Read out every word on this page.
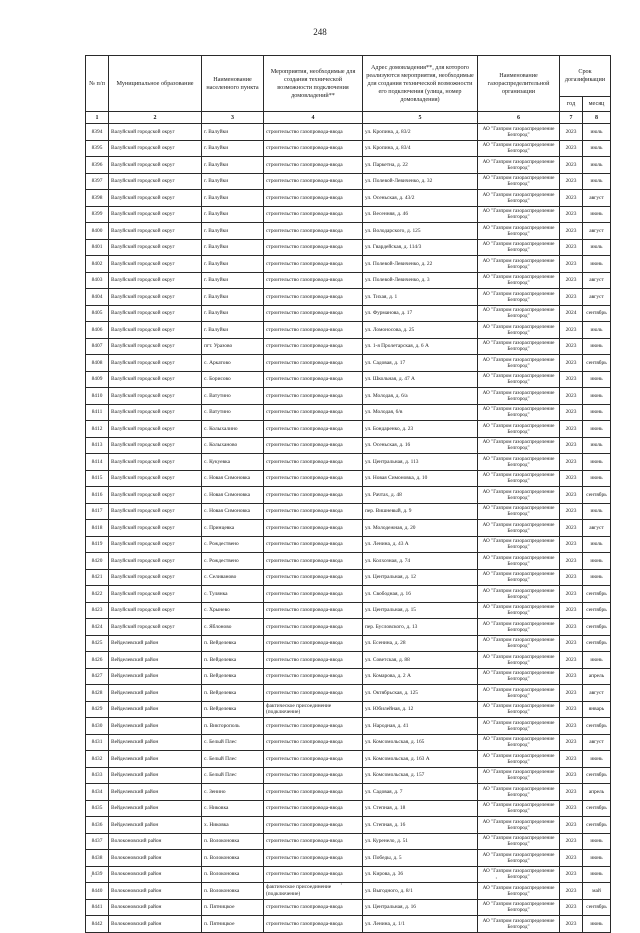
248
№ п/п	Муниципальное образование	Наименование населенного пункта	Мероприятия, необходимые для создания технической возможности подключения домовладений**	Адрес домовладения**, для которого реализуются мероприятия, необходимые для создания технической возможности его подключения (улица, номер домовладения)	Наименование газораспределительной организации	Срок догазификации	
						год	месяц
1	2	3	4	5	6	7	8
8394	Валуйский городской округ	г. Валуйки	строительство газопровода-ввода	ул. Кропина, д. 83/2	АО "Газпром газораспределение Белгород"	2023	июль
8395	Валуйский городской округ	г. Валуйки	строительство газопровода-ввода	ул. Кропина, д. 83/4	АО "Газпром газораспределение Белгород"	2023	июль
8396	Валуйский городской округ	г. Валуйки	строительство газопровода-ввода	ул. Паркетна, д. 22	АО "Газпром газораспределение Белгород"	2023	июль
8397	Валуйский городской округ	г. Валуйки	строительство газопровода-ввода	ул. Полевой-Левиченко, д. 32	АО "Газпром газораспределение Белгород"	2023	июль
8398	Валуйский городской округ	г. Валуйки	строительство газопровода-ввода	ул. Осеньская, д. 43/2	АО "Газпром газораспределение Белгород"	2023	август
8399	Валуйский городской округ	г. Валуйки	строительство газопровода-ввода	ул. Весенняя, д. 46	АО "Газпром газораспределение Белгород"	2023	июнь
8400	Валуйский городской округ	г. Валуйки	строительство газопровода-ввода	ул. Володарского, д. 125	АО "Газпром газораспределение Белгород"	2023	август
8401	Валуйский городской округ	г. Валуйки	строительство газопровода-ввода	ул. Гвардейская, д. 114/3	АО "Газпром газораспределение Белгород"	2023	июль
8402	Валуйский городской округ	г. Валуйки	строительство газопровода-ввода	ул. Полевой-Левиченко, д. 22	АО "Газпром газораспределение Белгород"	2023	июнь
8403	Валуйский городской округ	г. Валуйки	строительство газопровода-ввода	ул. Полевой-Левиченко, д. 3	АО "Газпром газораспределение Белгород"	2023	август
8404	Валуйский городской округ	г. Валуйки	строительство газопровода-ввода	ул. Тихая, д. 1	АО "Газпром газораспределение Белгород"	2023	август
8405	Валуйский городской округ	г. Валуйки	строительство газопровода-ввода	ул. Фурманова, д. 17	АО "Газпром газораспределение Белгород"	2024	сентябрь
8406	Валуйский городской округ	г. Валуйки	строительство газопровода-ввода	ул. Ломоносова, д. 25	АО "Газпром газораспределение Белгород"	2023	июль
8407	Валуйский городской округ	пгт. Уразово	строительство газопровода-ввода	ул. 1-я Пролетарская, д. 6 А	АО "Газпром газораспределение Белгород"	2023	июнь
8408	Валуйский городской округ	с. Аркатово	строительство газопровода-ввода	ул. Садовая, д. 17	АО "Газпром газораспределение Белгород"	2023	сентябрь
8409	Валуйский городской округ	с. Борисово	строительство газопровода-ввода	ул. Школьная, д. 47 А	АО "Газпром газораспределение Белгород"	2023	июнь
8410	Валуйский городской округ	с. Ватутино	строительство газопровода-ввода	ул. Молодая, д. 6/а	АО "Газпром газораспределение Белгород"	2023	июнь
8411	Валуйский городской округ	с. Ватутино	строительство газопровода-ввода	ул. Молодая, 6/в	АО "Газпром газораспределение Белгород"	2023	июнь
8412	Валуйский городской округ	с. Колыхалино	строительство газопровода-ввода	ул. Бондаренко, д. 23	АО "Газпром газораспределение Белгород"	2023	июнь
8413	Валуйский городской округ	с. Колыханово	строительство газопровода-ввода	ул. Осеньская, д. 16	АО "Газпром газораспределение Белгород"	2023	июль
8414	Валуйский городской округ	с. Кукуевка	строительство газопровода-ввода	ул. Центральная, д. 113	АО "Газпром газораспределение Белгород"	2023	июнь
8415	Валуйский городской округ	с. Новая Симоновка	строительство газопровода-ввода	ул. Новая Симоновка, д. 10	АО "Газпром газораспределение Белгород"	2023	июнь
8416	Валуйский городской округ	с. Новая Симоновка	строительство газопровода-ввода	ул. Рачтах, д. 48	АО "Газпром газораспределение Белгород"	2023	сентябрь
8417	Валуйский городской округ	с. Новая Симоновка	строительство газопровода-ввода	пер. Вишневый, д. 9	АО "Газпром газораспределение Белгород"	2023	июль
8418	Валуйский городской округ	с. Принцевка	строительство газопровода-ввода	ул. Молодежная, д. 20	АО "Газпром газораспределение Белгород"	2023	август
8419	Валуйский городской округ	с. Рождествено	строительство газопровода-ввода	ул. Ленина, д. 43 А	АО "Газпром газораспределение Белгород"	2023	июль
8420	Валуйский городской округ	с. Рождествено	строительство газопровода-ввода	ул. Колхозная, д. 74	АО "Газпром газораспределение Белгород"	2023	июнь
8421	Валуйский городской округ	с. Селиваново	строительство газопровода-ввода	ул. Центральная, д. 12	АО "Газпром газораспределение Белгород"	2023	июнь
8422	Валуйский городской округ	с. Тулянка	строительство газопровода-ввода	ул. Свободная, д. 16	АО "Газпром газораспределение Белгород"	2023	сентябрь
8423	Валуйский городской округ	с. Хрынево	строительство газопровода-ввода	ул. Центральная, д. 15	АО "Газпром газораспределение Белгород"	2023	сентябрь
8424	Валуйский городской округ	с. Яблоново	строительство газопровода-ввода	пер. Бусловского, д. 13	АО "Газпром газораспределение Белгород"	2023	сентябрь
8425	Вейделевский район	п. Вейделевка	строительство газопровода-ввода	ул. Есенина, д. 28	АО "Газпром газораспределение Белгород"	2023	сентябрь
8426	Вейделевский район	п. Вейделевка	строительство газопровода-ввода	ул. Советская, д. 88	АО "Газпром газораспределение Белгород"	2023	июнь
8427	Вейделевский район	п. Вейделевка	строительство газопровода-ввода	ул. Комарова, д. 2 А	АО "Газпром газораспределение Белгород"	2023	апрель
8428	Вейделевский район	п. Вейделевка	строительство газопровода-ввода	ул. Октябрьская, д. 125	АО "Газпром газораспределение Белгород"	2023	август
8429	Вейделевский район	п. Вейделевка	фактическое присоединение (подключение)	ул. Юбилейная, д. 12	АО "Газпром газораспределение Белгород"	2023	январь
8430	Вейделевский район	п. Викторополь	строительство газопровода-ввода	ул. Народная, д. 41	АО "Газпром газораспределение Белгород"	2023	сентябрь
8431	Вейделевский район	с. Белый Плес	строительство газопровода-ввода	ул. Комсомольская, д. 165	АО "Газпром газораспределение Белгород"	2023	август
8432	Вейделевский район	с. Белый Плес	строительство газопровода-ввода	ул. Комсомольская, д. 163 А	АО "Газпром газораспределение Белгород"	2023	июнь
8433	Вейделевский район	с. Белый Плес	строительство газопровода-ввода	ул. Комсомольская, д. 157	АО "Газпром газораспределение Белгород"	2023	сентябрь
8434	Вейделевский район	с. Зенино	строительство газопровода-ввода	ул. Садовая, д. 7	АО "Газпром газораспределение Белгород"	2023	апрель
8435	Вейделевский район	с. Никовка	строительство газопровода-ввода	ул. Степная, д. 18	АО "Газпром газораспределение Белгород"	2023	сентябрь
8436	Вейделевский район	х. Никовка	строительство газопровода-ввода	ул. Степная, д. 16	АО "Газпром газораспределение Белгород"	2023	сентябрь
8437	Волоконовский район	п. Волоконовка	строительство газопровода-ввода	ул. Куренело, д. 51	АО "Газпром газораспределение Белгород"	2023	июнь
8438	Волоконовский район	п. Волоконовка	строительство газопровода-ввода	ул. Победы, д. 5	АО "Газпром газораспределение Белгород"	2023	июнь
8439	Волоконовский район	п. Волоконовка	строительство газопровода-ввода	ул. Кирова, д. 36	АО "Газпром газораспределение Белгород"	2023	июнь
8440	Волоконовский район	п. Волоконовка	фактическое присоединение (подключение)	ул. Выгодного, д. 8/1	АО "Газпром газораспределение Белгород"	2023	май
8441	Волоконовский район	п. Пятницкое	строительство газопровода-ввода	ул. Центральная, д. 16	АО "Газпром газораспределение Белгород"	2023	сентябрь
8442	Волоконовский район	п. Пятницкое	строительство газопровода-ввода	ул. Ленина, д. 1/1	АО "Газпром газораспределение Белгород"	2023	июнь
·
·
·
